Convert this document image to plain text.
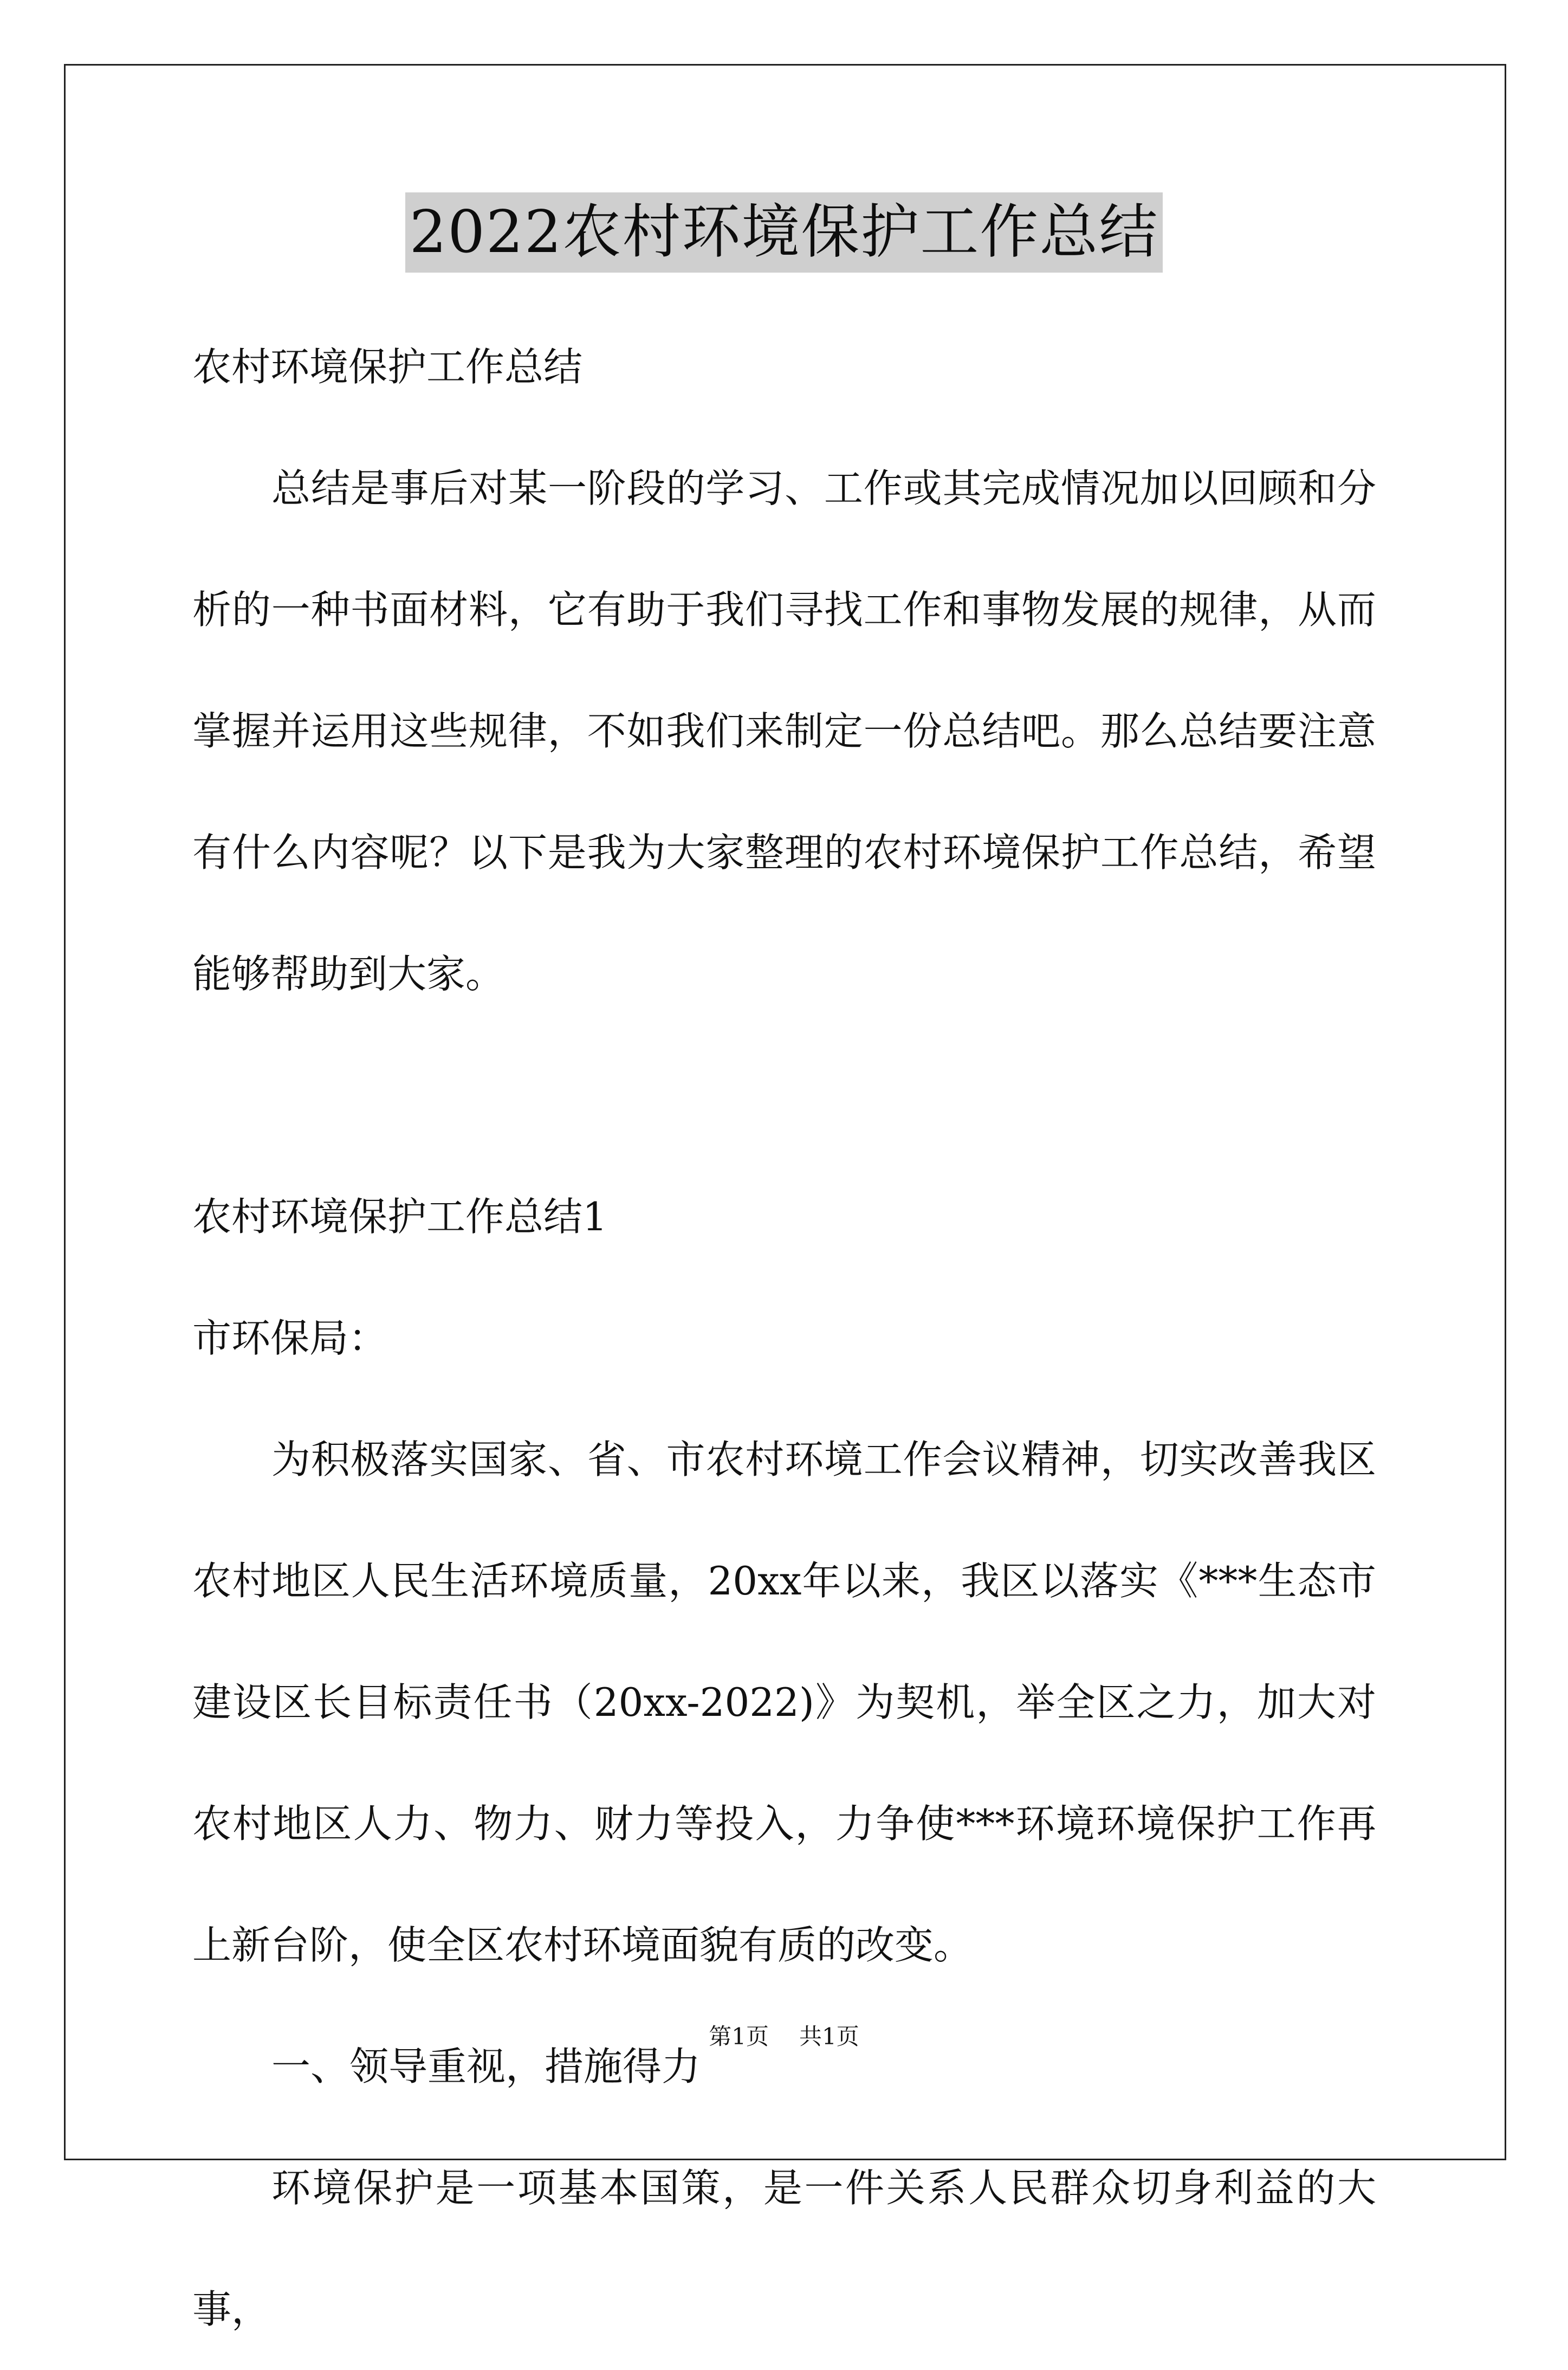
2022农村环境保护工作总结

农村环境保护工作总结

总结是事后对某一阶段的学习、工作或其完成情况加以回顾和分析的一种书面材料，它有助于我们寻找工作和事物发展的规律，从而掌握并运用这些规律，不如我们来制定一份总结吧。那么总结要注意有什么内容呢？以下是我为大家整理的农村环境保护工作总结，希望能够帮助到大家。

农村环境保护工作总结1

市环保局：

为积极落实国家、省、市农村环境工作会议精神，切实改善我区农村地区人民生活环境质量，20xx年以来，我区以落实《***生态市建设区长目标责任书（20xx-2022)》为契机，举全区之力，加大对农村地区人力、物力、财力等投入，力争使***环境环境保护工作再上新台阶，使全区农村环境面貌有质的改变。

一、领导重视，措施得力

环境保护是一项基本国策，是一件关系人民群众切身利益的大事，

第1页 共1页
